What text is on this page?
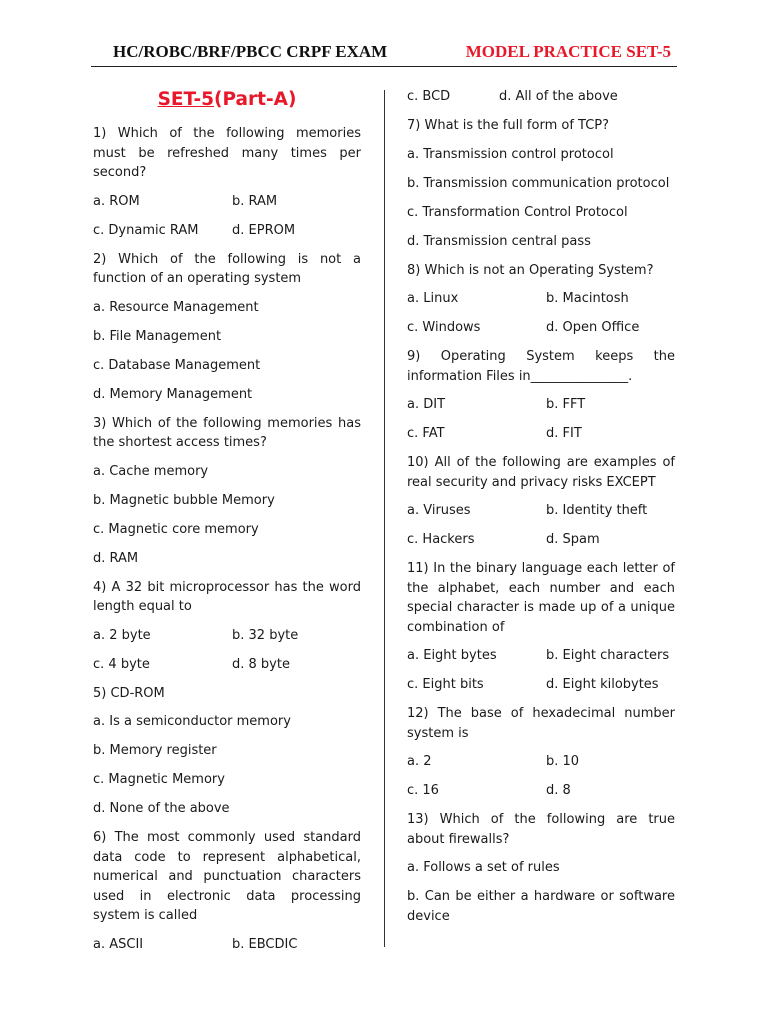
HC/ROBC/BRF/PBCC CRPF EXAM	MODEL PRACTICE SET-5
SET-5(Part-A)
1) Which of the following memories must be refreshed many times per second?
a. ROM	b. RAM
c. Dynamic RAM	d. EPROM
2) Which of the following is not a function of an operating system
a. Resource Management
b. File Management
c. Database Management
d. Memory Management
3) Which of the following memories has the shortest access times?
a. Cache memory
b. Magnetic bubble Memory
c. Magnetic core memory
d. RAM
4) A 32 bit microprocessor has the word length equal to
a. 2 byte	b. 32 byte
c. 4 byte	d. 8 byte
5) CD-ROM
a. Is a semiconductor memory
b. Memory register
c. Magnetic Memory
d. None of the above
6) The most commonly used standard data code to represent alphabetical, numerical and punctuation characters used in electronic data processing system is called
a. ASCII	b. EBCDIC
c. BCD	d. All of the above
7) What is the full form of TCP?
a. Transmission control protocol
b. Transmission communication protocol
c. Transformation Control Protocol
d. Transmission central pass
8) Which is not an Operating System?
a. Linux	b. Macintosh
c. Windows	d. Open Office
9) Operating System keeps the information Files in_______________.
a. DIT	b. FFT
c. FAT	d. FIT
10) All of the following are examples of real security and privacy risks EXCEPT
a. Viruses	b. Identity theft
c. Hackers	d. Spam
11) In the binary language each letter of the alphabet, each number and each special character is made up of a unique combination of
a. Eight bytes	b. Eight characters
c. Eight bits	d. Eight kilobytes
12) The base of hexadecimal number system is
a. 2	b. 10
c. 16	d. 8
13) Which of the following are true about firewalls?
a. Follows a set of rules
b. Can be either a hardware or software device
